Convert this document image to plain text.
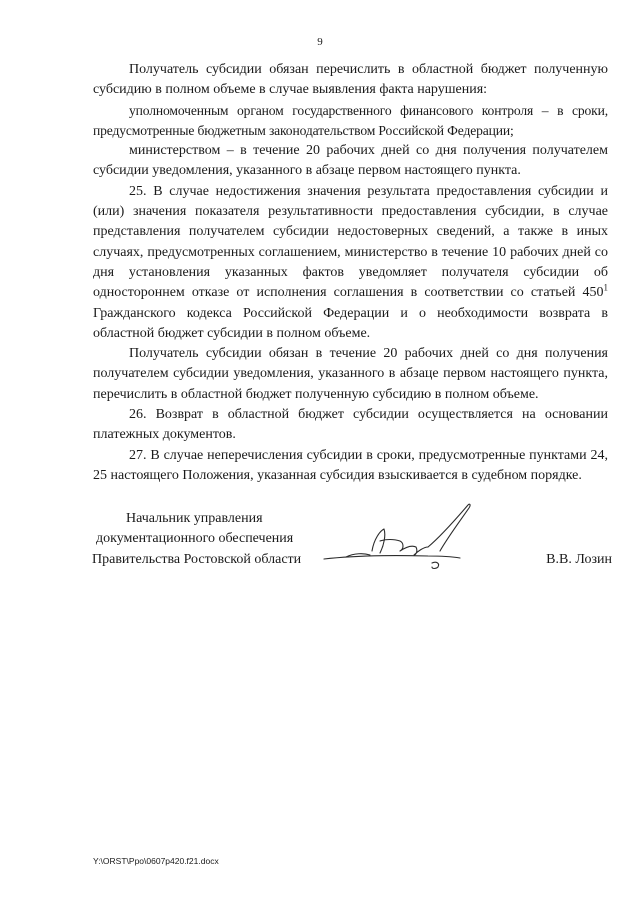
9

Получатель субсидии обязан перечислить в областной бюджет полученную субсидию в полном объеме в случае выявления факта нарушения:

уполномоченным органом государственного финансового контроля – в сроки, предусмотренные бюджетным законодательством Российской Федерации;

министерством – в течение 20 рабочих дней со дня получения получателем субсидии уведомления, указанного в абзаце первом настоящего пункта.

25. В случае недостижения значения результата предоставления субсидии и (или) значения показателя результативности предоставления субсидии, в случае представления получателем субсидии недостоверных сведений, а также в иных случаях, предусмотренных соглашением, министерство в течение 10 рабочих дней со дня установления указанных фактов уведомляет получателя субсидии об одностороннем отказе от исполнения соглашения в соответствии со статьей $450^1$ Гражданского кодекса Российской Федерации и о необходимости возврата в областной бюджет субсидии в полном объеме.

Получатель субсидии обязан в течение 20 рабочих дней со дня получения получателем субсидии уведомления, указанного в абзаце первом настоящего пункта, перечислить в областной бюджет полученную субсидию в полном объеме.

26. Возврат в областной бюджет субсидии осуществляется на основании платежных документов.

27. В случае неперечисления субсидии в сроки, предусмотренные пунктами 24, 25 настоящего Положения, указанная субсидия взыскивается в судебном порядке.

Начальник управления
документационного обеспечения
Правительства Ростовской области	В.В. Лозин
Y:\ORST\Ppo\0607p420.f21.docx
